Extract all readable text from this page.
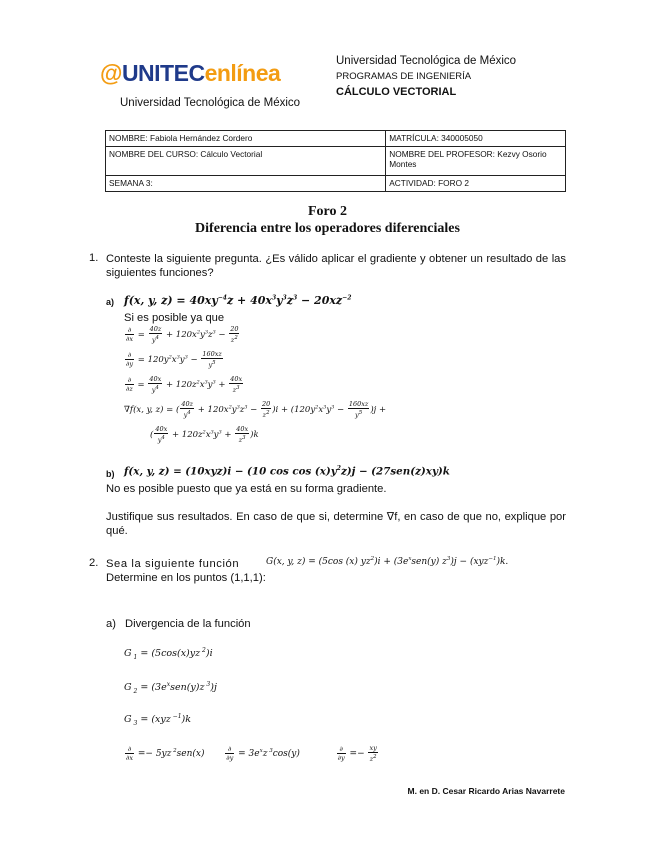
@UNITECenlínea
Universidad Tecnológica de México
Universidad Tecnológica de México
PROGRAMAS DE INGENIERÍA
CÁLCULO VECTORIAL
NOMBRE: Fabiola Hernández Cordero	MATRÍCULA: 340005050
NOMBRE DEL CURSO: Cálculo Vectorial	NOMBRE DEL PROFESOR: Kezvy Osorio Montes
SEMANA 3:	ACTIVIDAD: FORO 2
Foro 2
Diferencia entre los operadores diferenciales
1. Conteste la siguiente pregunta. ¿Es válido aplicar el gradiente y obtener un resultado de las siguientes funciones?
a) f(x, y, $z) = 40xy^{-4}z + 40x^3y^3z^3 - 20xz^{-2}$
Si es posible ya que
$\frac{\partial}{\partial x} = \frac{40z}{y^4} + 120x^2y^3z^3 - \frac{20}{z^2}$
$\frac{\partial}{\partial y} = 120y^2x^3y^3 - \frac{160xz}{y^5}$
$\frac{\partial}{\partial z} = \frac{40x}{y^4} + 120z^2x^3y^3 + \frac{40x}{z^3}$
∇f(x, y, z) = ( $\frac{40z}{y^4} + 120x^2y^3z^3 - \frac{20}{z^2} )i + (120y^2x^3y^3 - \frac{160xz}{y^5} )j$ +
( $\frac{40x}{y^4} + 120z^2x^3y^3 + \frac{40x}{z^3} )k$
b) f(x, y, z) = (10xyz)i − (10 $\cos \cos (x)y^2z)j - (27sen(z)xy)k$
No es posible puesto que ya está en su forma gradiente.
Justifique sus resultados. En caso de que si, determine ∇f, en caso de que no, explique por qué.
2. Sea la siguiente función	G(x, y, z) = (5cos (x) $yz^2)i + (3e^xsen(y) z^3)j - (xyz^{-1})k$.
Determine en los puntos (1,1,1):
a) Divergencia de la función
G $_1$ = (5cos(x)yz $^2$)i
G $_2 = (3e^xsen(y)z$ $^3$)j
G $_3$ = (xyz $^{-1}$)k
$\frac{\partial}{\partial x} =- 5yz$ $^2$sen(x)	$\frac{\partial}{\partial y} = 3e^xz$ $^3$cos(y)	$\frac{\partial}{\partial y} =- \frac{xy}{z^2}$
M. en D. Cesar Ricardo Arias Navarrete
